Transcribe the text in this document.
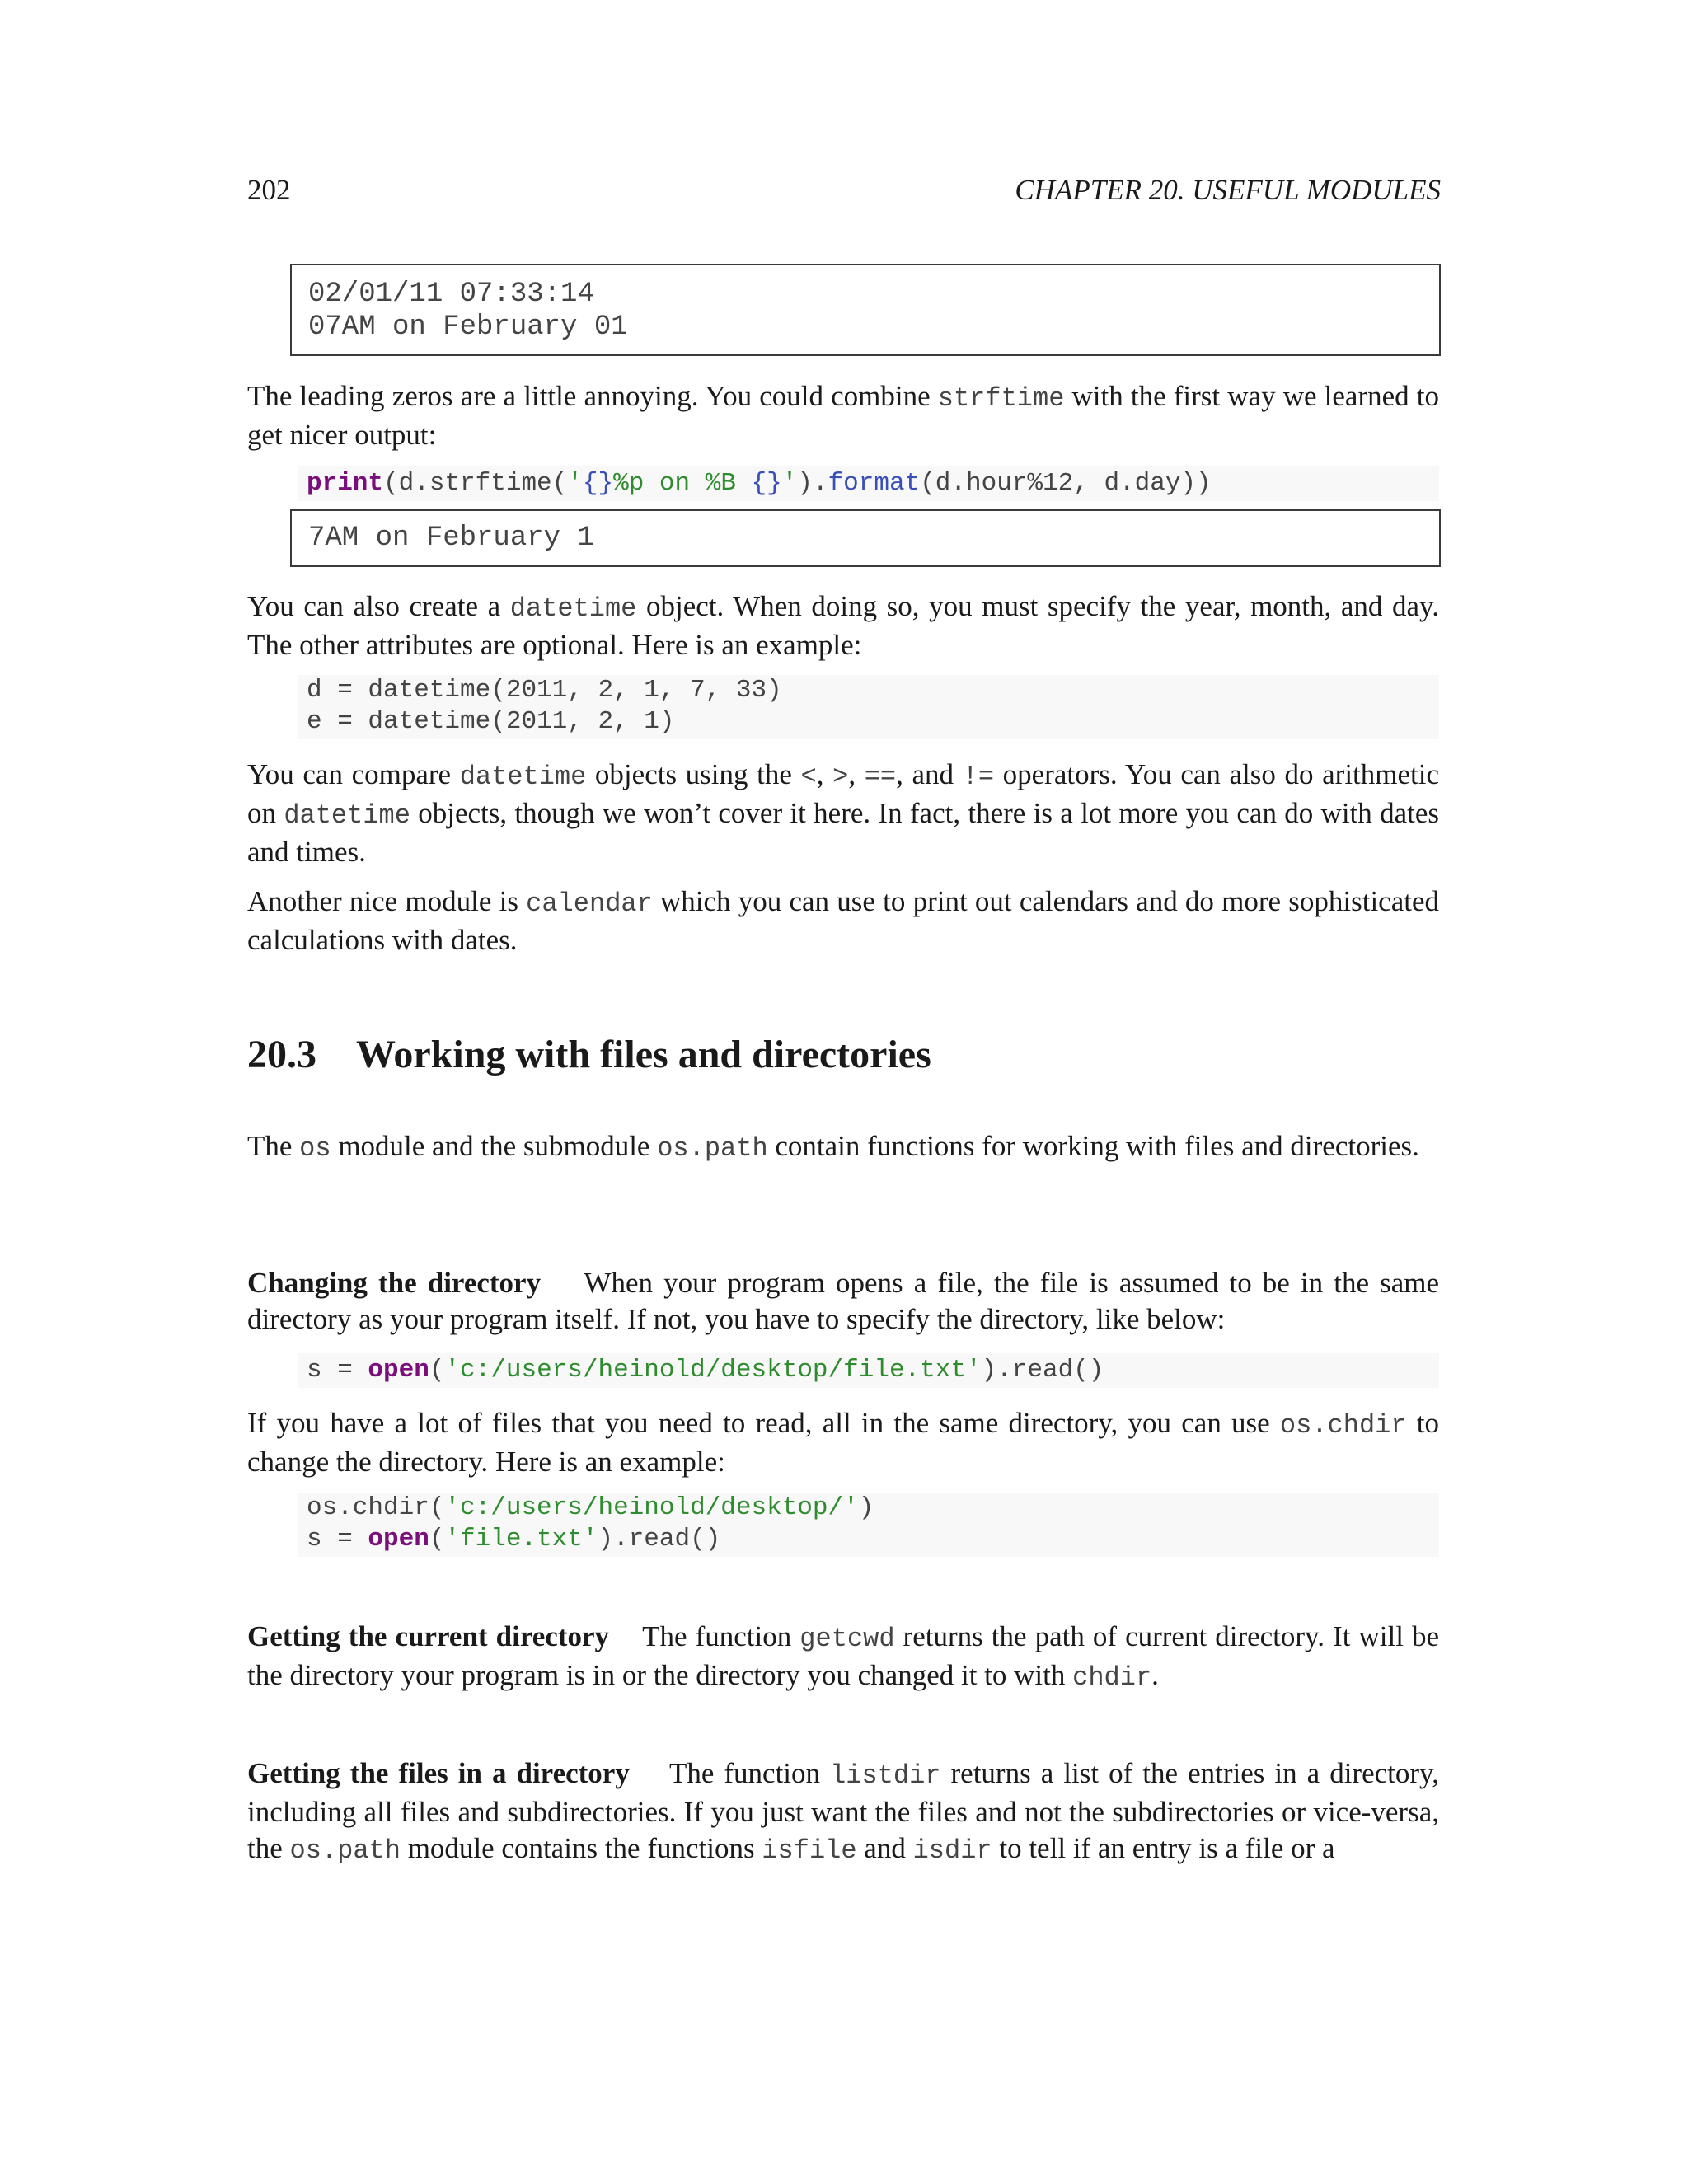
202	CHAPTER 20. USEFUL MODULES
02/01/11 07:33:14
07AM on February 01

The leading zeros are a little annoying. You could combine strftime with the first way we learned to get nicer output:

print(d.strftime('{}%p on %B {}').format(d.hour%12, d.day))
7AM on February 1

You can also create a datetime object. When doing so, you must specify the year, month, and day. The other attributes are optional. Here is an example:

d = datetime(2011, 2, 1, 7, 33)
e = datetime(2011, 2, 1)

You can compare datetime objects using the <, >, ==, and != operators. You can also do arithmetic on datetime objects, though we won’t cover it here. In fact, there is a lot more you can do with dates and times.

Another nice module is calendar which you can use to print out calendars and do more sophisticated calculations with dates.

20.3 Working with files and directories

The os module and the submodule os.path contain functions for working with files and directories.

Changing the directory When your program opens a file, the file is assumed to be in the same directory as your program itself. If not, you have to specify the directory, like below:

s = open('c:/users/heinold/desktop/file.txt').read()

If you have a lot of files that you need to read, all in the same directory, you can use os.chdir to change the directory. Here is an example:

os.chdir('c:/users/heinold/desktop/')
s = open('file.txt').read()

Getting the current directory The function getcwd returns the path of current directory. It will be the directory your program is in or the directory you changed it to with chdir.

Getting the files in a directory The function listdir returns a list of the entries in a directory, including all files and subdirectories. If you just want the files and not the subdirectories or vice-versa, the os.path module contains the functions isfile and isdir to tell if an entry is a file or a
